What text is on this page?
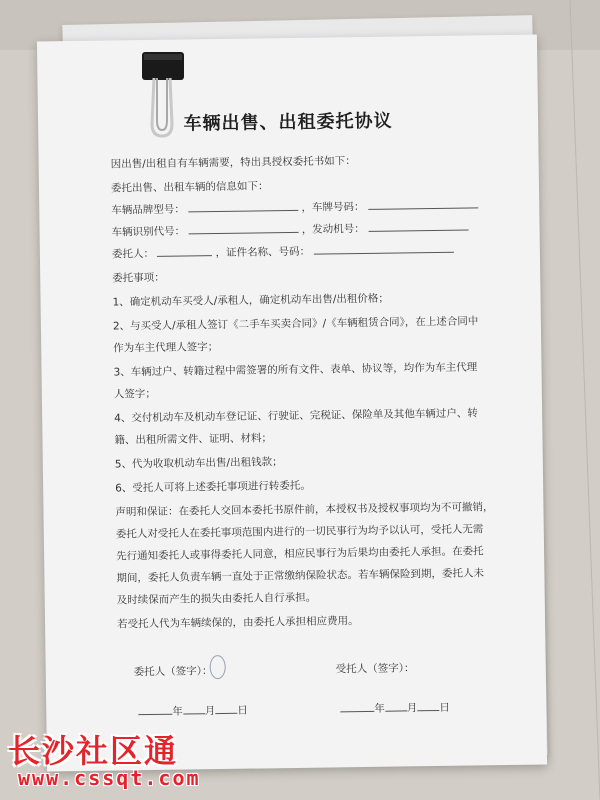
车辆出售、出租委托协议
因出售/出租自有车辆需要，特出具授权委托书如下：
委托出售、出租车辆的信息如下：
车辆品牌型号：	，车牌号码：
车辆识别代号：	，发动机号：
委托人：	，证件名称、号码：
委托事项：
1、确定机动车买受人/承租人，确定机动车出售/出租价格；
2、与买受人/承租人签订《二手车买卖合同》/《车辆租赁合同》，在上述合同中
作为车主代理人签字；
3、车辆过户、转籍过程中需签署的所有文件、表单、协议等，均作为车主代理
人签字；
4、交付机动车及机动车登记证、行驶证、完税证、保险单及其他车辆过户、转
籍、出租所需文件、证明、材料；
5、代为收取机动车出售/出租钱款；
6、受托人可将上述委托事项进行转委托。
声明和保证：在委托人交回本委托书原件前，本授权书及授权事项均为不可撤销，
委托人对受托人在委托事项范围内进行的一切民事行为均予以认可，受托人无需
先行通知委托人或事得委托人同意，相应民事行为后果均由委托人承担。在委托
期间，委托人负责车辆一直处于正常缴纳保险状态。若车辆保险到期，委托人未
及时续保而产生的损失由委托人自行承担。
若受托人代为车辆续保的，由委托人承担相应费用。
委托人（签字）：	受托人（签字）：
年 月 日	年 月 日
长沙社区通
www.cssqt.com
